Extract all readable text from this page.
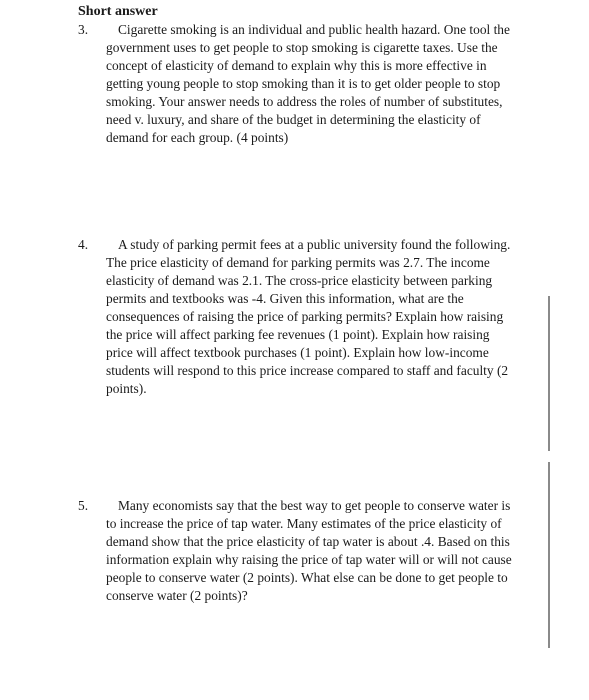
Short answer
3.	Cigarette smoking is an individual and public health hazard. One tool the government uses to get people to stop smoking is cigarette taxes. Use the concept of elasticity of demand to explain why this is more effective in getting young people to stop smoking than it is to get older people to stop smoking. Your answer needs to address the roles of number of substitutes, need v. luxury, and share of the budget in determining the elasticity of demand for each group. (4 points)

4.	A study of parking permit fees at a public university found the following. The price elasticity of demand for parking permits was 2.7. The income elasticity of demand was 2.1. The cross-price elasticity between parking permits and textbooks was -4. Given this information, what are the consequences of raising the price of parking permits? Explain how raising the price will affect parking fee revenues (1 point). Explain how raising price will affect textbook purchases (1 point). Explain how low-income students will respond to this price increase compared to staff and faculty (2 points).

5.	Many economists say that the best way to get people to conserve water is to increase the price of tap water. Many estimates of the price elasticity of demand show that the price elasticity of tap water is about .4. Based on this information explain why raising the price of tap water will or will not cause people to conserve water (2 points). What else can be done to get people to conserve water (2 points)?
